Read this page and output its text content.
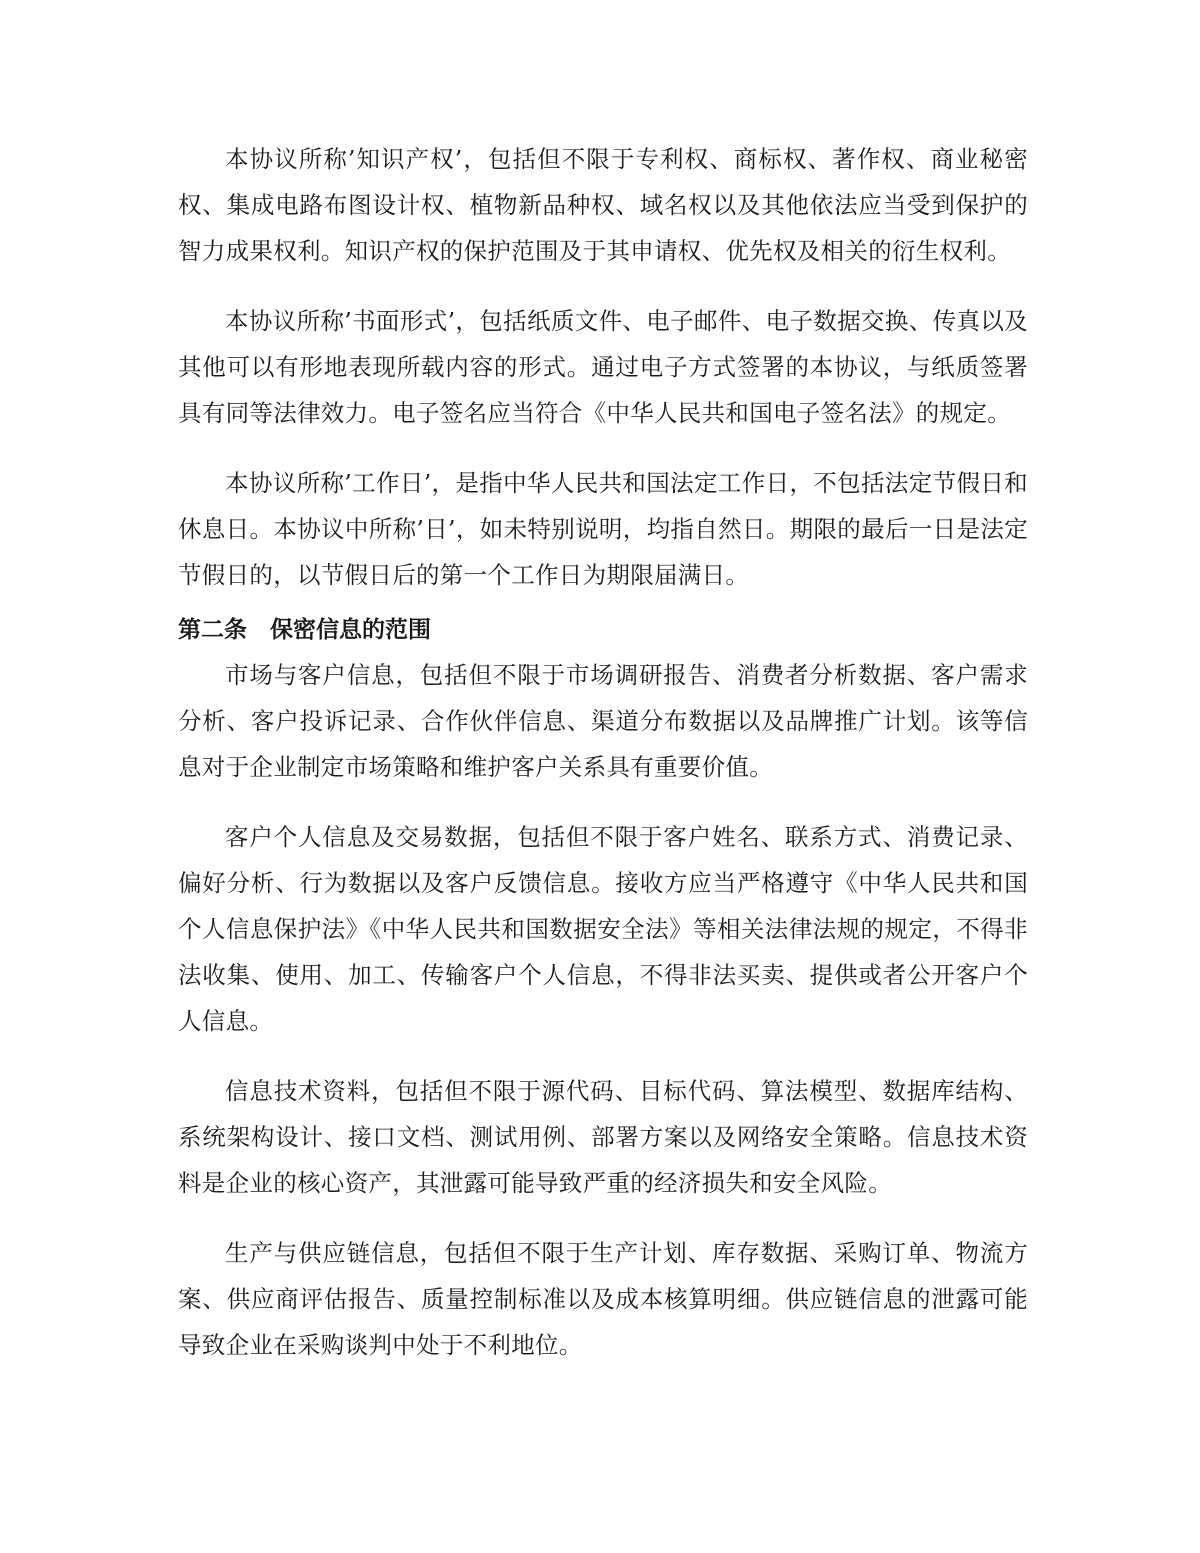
本协议所称’知识产权’，包括但不限于专利权、商标权、著作权、商业秘密权、集成电路布图设计权、植物新品种权、域名权以及其他依法应当受到保护的智力成果权利。知识产权的保护范围及于其申请权、优先权及相关的衍生权利。

本协议所称’书面形式’，包括纸质文件、电子邮件、电子数据交换、传真以及其他可以有形地表现所载内容的形式。通过电子方式签署的本协议，与纸质签署具有同等法律效力。电子签名应当符合《中华人民共和国电子签名法》的规定。

本协议所称’工作日’，是指中华人民共和国法定工作日，不包括法定节假日和休息日。本协议中所称’日’，如未特别说明，均指自然日。期限的最后一日是法定节假日的，以节假日后的第一个工作日为期限届满日。

第二条　保密信息的范围

市场与客户信息，包括但不限于市场调研报告、消费者分析数据、客户需求分析、客户投诉记录、合作伙伴信息、渠道分布数据以及品牌推广计划。该等信息对于企业制定市场策略和维护客户关系具有重要价值。

客户个人信息及交易数据，包括但不限于客户姓名、联系方式、消费记录、偏好分析、行为数据以及客户反馈信息。接收方应当严格遵守《中华人民共和国个人信息保护法》《中华人民共和国数据安全法》等相关法律法规的规定，不得非法收集、使用、加工、传输客户个人信息，不得非法买卖、提供或者公开客户个人信息。

信息技术资料，包括但不限于源代码、目标代码、算法模型、数据库结构、系统架构设计、接口文档、测试用例、部署方案以及网络安全策略。信息技术资料是企业的核心资产，其泄露可能导致严重的经济损失和安全风险。

生产与供应链信息，包括但不限于生产计划、库存数据、采购订单、物流方案、供应商评估报告、质量控制标准以及成本核算明细。供应链信息的泄露可能导致企业在采购谈判中处于不利地位。
